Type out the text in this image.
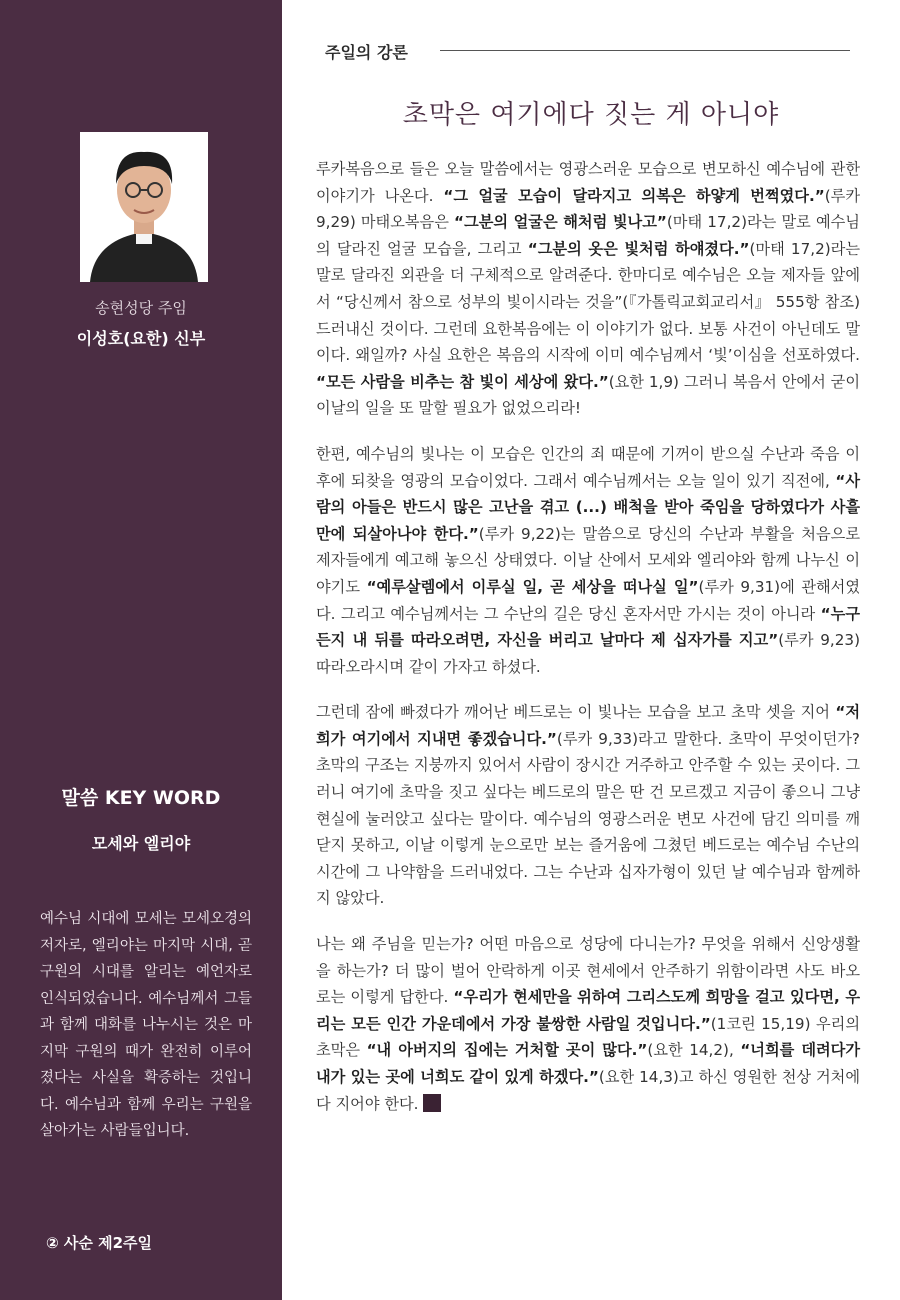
송현성당 주임
이성호(요한) 신부
말씀 KEY WORD
모세와 엘리야
예수님 시대에 모세는 모세오경의 저자로, 엘리야는 마지막 시대, 곧 구원의 시대를 알리는 예언자로 인식되었습니다. 예수님께서 그들과 함께 대화를 나누시는 것은 마지막 구원의 때가 완전히 이루어졌다는 사실을 확증하는 것입니다. 예수님과 함께 우리는 구원을 살아가는 사람들입니다.
② 사순 제2주일
주일의 강론
초막은 여기에다 짓는 게 아니야

루카복음으로 들은 오늘 말씀에서는 영광스러운 모습으로 변모하신 예수님에 관한 이야기가 나온다. “그 얼굴 모습이 달라지고 의복은 하얗게 번쩍였다.”(루카 9,29) 마태오복음은 “그분의 얼굴은 해처럼 빛나고”(마태 17,2)라는 말로 예수님의 달라진 얼굴 모습을, 그리고 “그분의 옷은 빛처럼 하얘졌다.”(마태 17,2)라는 말로 달라진 외관을 더 구체적으로 알려준다. 한마디로 예수님은 오늘 제자들 앞에서 “당신께서 참으로 성부의 빛이시라는 것을”(『가톨릭교회교리서』 555항 참조) 드러내신 것이다. 그런데 요한복음에는 이 이야기가 없다. 보통 사건이 아닌데도 말이다. 왜일까? 사실 요한은 복음의 시작에 이미 예수님께서 ‘빛’이심을 선포하였다. “모든 사람을 비추는 참 빛이 세상에 왔다.”(요한 1,9) 그러니 복음서 안에서 굳이 이날의 일을 또 말할 필요가 없었으리라!

한편, 예수님의 빛나는 이 모습은 인간의 죄 때문에 기꺼이 받으실 수난과 죽음 이후에 되찾을 영광의 모습이었다. 그래서 예수님께서는 오늘 일이 있기 직전에, “사람의 아들은 반드시 많은 고난을 겪고 (...) 배척을 받아 죽임을 당하였다가 사흘 만에 되살아나야 한다.”(루카 9,22)는 말씀으로 당신의 수난과 부활을 처음으로 제자들에게 예고해 놓으신 상태였다. 이날 산에서 모세와 엘리야와 함께 나누신 이야기도 “예루살렘에서 이루실 일, 곧 세상을 떠나실 일”(루카 9,31)에 관해서였다. 그리고 예수님께서는 그 수난의 길은 당신 혼자서만 가시는 것이 아니라 “누구든지 내 뒤를 따라오려면, 자신을 버리고 날마다 제 십자가를 지고”(루카 9,23) 따라오라시며 같이 가자고 하셨다.

그런데 잠에 빠졌다가 깨어난 베드로는 이 빛나는 모습을 보고 초막 셋을 지어 “저희가 여기에서 지내면 좋겠습니다.”(루카 9,33)라고 말한다. 초막이 무엇이던가? 초막의 구조는 지붕까지 있어서 사람이 장시간 거주하고 안주할 수 있는 곳이다. 그러니 여기에 초막을 짓고 싶다는 베드로의 말은 딴 건 모르겠고 지금이 좋으니 그냥 현실에 눌러앉고 싶다는 말이다. 예수님의 영광스러운 변모 사건에 담긴 의미를 깨닫지 못하고, 이날 이렇게 눈으로만 보는 즐거움에 그쳤던 베드로는 예수님 수난의 시간에 그 나약함을 드러내었다. 그는 수난과 십자가형이 있던 날 예수님과 함께하지 않았다.

나는 왜 주님을 믿는가? 어떤 마음으로 성당에 다니는가? 무엇을 위해서 신앙생활을 하는가? 더 많이 벌어 안락하게 이곳 현세에서 안주하기 위함이라면 사도 바오로는 이렇게 답한다. “우리가 현세만을 위하여 그리스도께 희망을 걸고 있다면, 우리는 모든 인간 가운데에서 가장 불쌍한 사람일 것입니다.”(1코린 15,19) 우리의 초막은 “내 아버지의 집에는 거처할 곳이 많다.”(요한 14,2), “너희를 데려다가 내가 있는 곳에 너희도 같이 있게 하겠다.”(요한 14,3)고 하신 영원한 천상 거처에다 지어야 한다.
